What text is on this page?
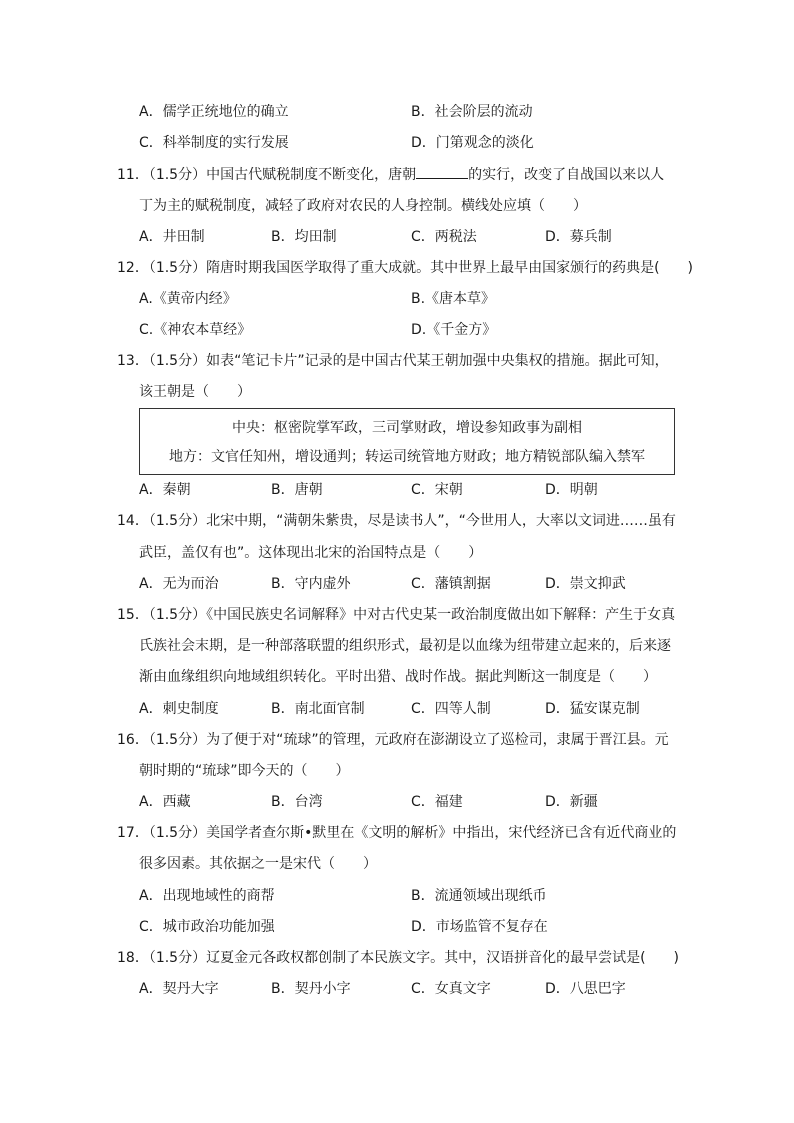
A．儒学正统地位的确立	B．社会阶层的流动
C．科举制度的实行发展	D．门第观念的淡化
11．（1.5分）中国古代赋税制度不断变化，唐朝	的实行，改变了自战国以来以人
丁为主的赋税制度，减轻了政府对农民的人身控制。横线处应填（　　）
A．井田制	B．均田制	C．两税法	D．募兵制
12．（1.5分）隋唐时期我国医学取得了重大成就。其中世界上最早由国家颁行的药典是(　　)
A.《黄帝内经》	B.《唐本草》
C.《神农本草经》	D.《千金方》
13．（1.5分）如表“笔记卡片”记录的是中国古代某王朝加强中央集权的措施。据此可知，
该王朝是（　　）
中央：枢密院掌军政，三司掌财政，增设参知政事为副相
地方：文官任知州，增设通判；转运司统管地方财政；地方精锐部队编入禁军
A．秦朝	B．唐朝	C．宋朝	D．明朝
14．（1.5分）北宋中期，“满朝朱紫贵，尽是读书人”，“今世用人，大率以文词进……虽有
武臣，盖仅有也”。这体现出北宋的治国特点是（　　）
A．无为而治	B．守内虚外	C．藩镇割据	D．崇文抑武
15．（1.5分）《中国民族史名词解释》中对古代史某一政治制度做出如下解释：产生于女真
氏族社会末期，是一种部落联盟的组织形式，最初是以血缘为纽带建立起来的，后来逐
渐由血缘组织向地域组织转化。平时出猎、战时作战。据此判断这一制度是（　　）
A．刺史制度	B．南北面官制	C．四等人制	D．猛安谋克制
16．（1.5分）为了便于对“琉球”的管理，元政府在澎湖设立了巡检司，隶属于晋江县。元
朝时期的“琉球”即今天的（　　）
A．西藏	B．台湾	C．福建	D．新疆
17．（1.5分）美国学者查尔斯•默里在《文明的解析》中指出，宋代经济已含有近代商业的
很多因素。其依据之一是宋代（　　）
A．出现地域性的商帮	B．流通领域出现纸币
C．城市政治功能加强	D．市场监管不复存在
18．（1.5分）辽夏金元各政权都创制了本民族文字。其中，汉语拼音化的最早尝试是(　　)
A．契丹大字	B．契丹小字	C．女真文字	D．八思巴字
